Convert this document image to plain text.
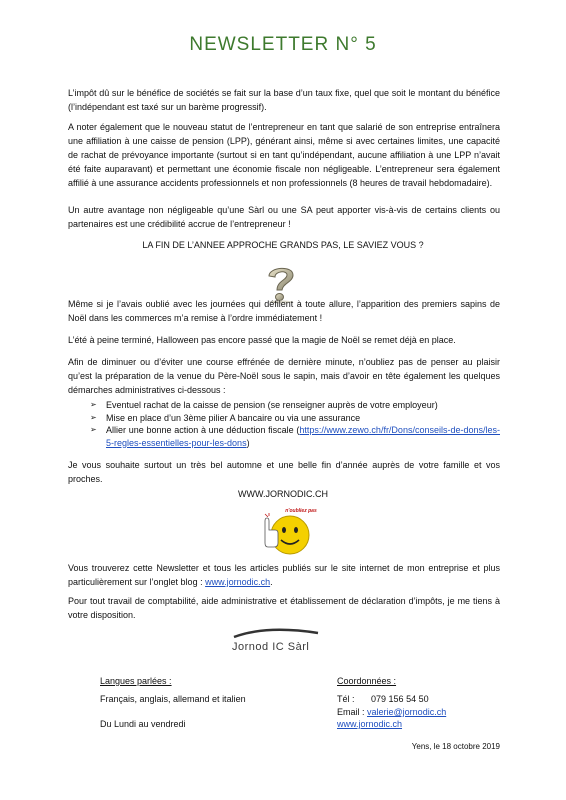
NEWSLETTER N° 5

L’impôt dû sur le bénéfice de sociétés se fait sur la base d’un taux fixe, quel que soit le montant du bénéfice (l’indépendant est taxé sur un barème progressif).

A noter également que le nouveau statut de l’entrepreneur en tant que salarié de son entreprise entraînera une affiliation à une caisse de pension (LPP), générant ainsi, même si avec certaines limites, une capacité de rachat de prévoyance importante (surtout si en tant qu’indépendant, aucune affiliation à une LPP n’avait été faite auparavant) et permettant une économie fiscale non négligeable. L’entrepreneur sera également affilié à une assurance accidents professionnels et non professionnels (8 heures de travail hebdomadaire).

Un autre avantage non négligeable qu’une Sàrl ou une SA peut apporter vis-à-vis de certains clients ou partenaires est une crédibilité accrue de l’entrepreneur !

LA FIN DE L’ANNEE APPROCHE GRANDS PAS, LE SAVIEZ VOUS ?

Même si je l’avais oublié avec les journées qui défilent à toute allure, l’apparition des premiers sapins de Noël dans les commerces m’a remise à l’ordre immédiatement !

L’été à peine terminé, Halloween pas encore passé que la magie de Noël se remet déjà en place.

Afin de diminuer ou d’éviter une course effrénée de dernière minute, n’oubliez pas de penser au plaisir qu’est la préparation de la venue du Père-Noël sous le sapin, mais d’avoir en tête également les quelques démarches administratives ci-dessous :

➢ Eventuel rachat de la caisse de pension (se renseigner auprès de votre employeur)
➢ Mise en place d’un 3ème pilier A bancaire ou via une assurance
➢ Allier une bonne action à une déduction fiscale (https://www.zewo.ch/fr/Dons/conseils-de-dons/les-5-regles-essentielles-pour-les-dons)

Je vous souhaite surtout un très bel automne et une belle fin d’année auprès de votre famille et vos proches.

WWW.JORNODIC.CH
n'oubliez pas

Vous trouverez cette Newsletter et tous les articles publiés sur le site internet de mon entreprise et plus particulièrement sur l’onglet blog : www.jornodic.ch.

Pour tout travail de comptabilité, aide administrative et établissement de déclaration d’impôts, je me tiens à votre disposition.

Jornod IC Sàrl
Langues parlées :
Français, anglais, allemand et italien
Du Lundi au vendredi
Coordonnées :
Tél : 079 156 54 50
Email : valerie@jornodic.ch
www.jornodic.ch
Yens, le 18 octobre 2019
